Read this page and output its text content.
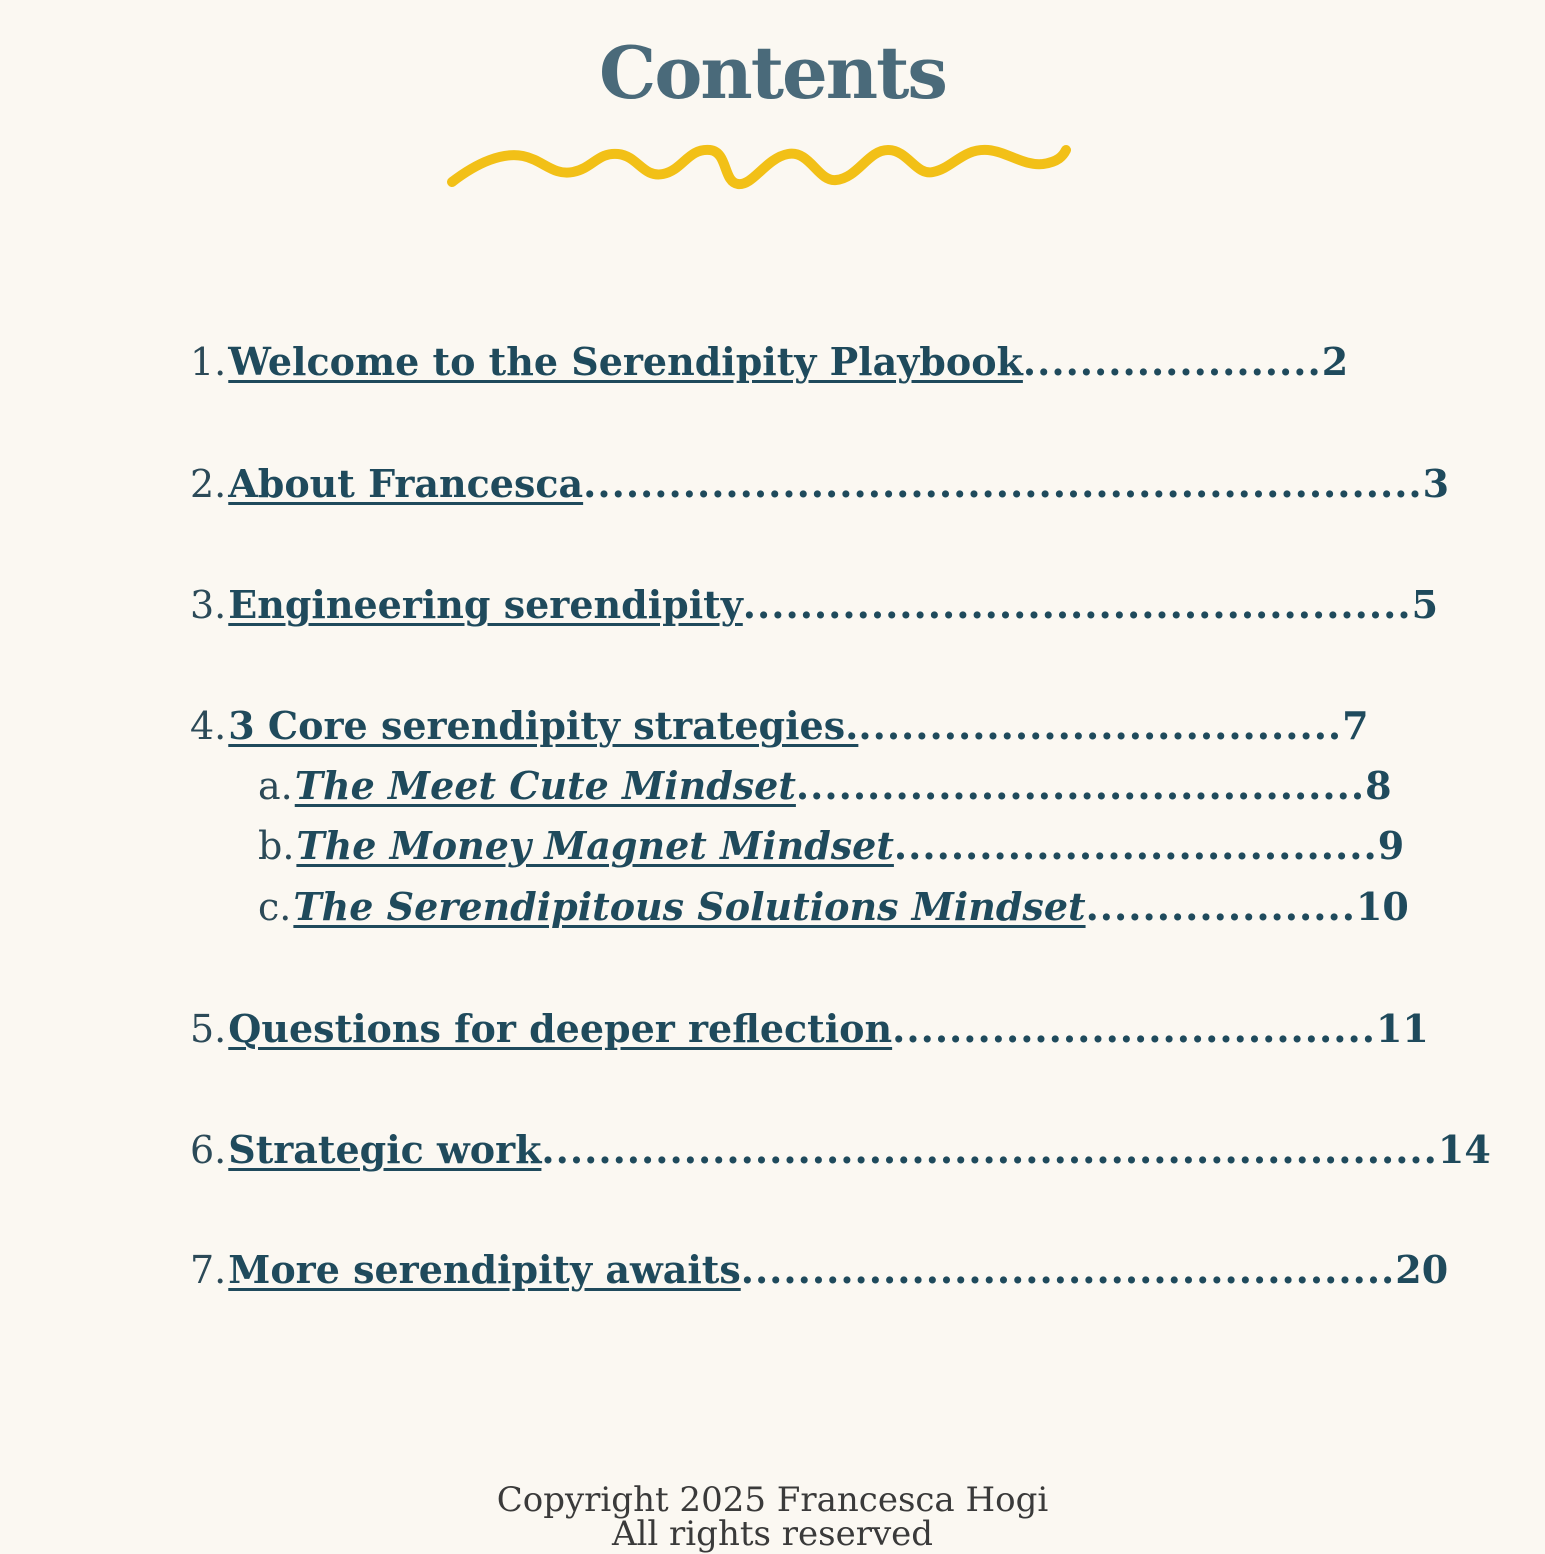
Contents
1. Welcome to the Serendipity Playbook ..................... 2
2. About Francesca ........................................................... 3
3. Engineering serendipity ............................................... 5
4. 3 Core serendipity strategies. .................................. 7
a. The Meet Cute Mindset ........................................ 8
b. The Money Magnet Mindset .................................. 9
c. The Serendipitous Solutions Mindset ................... 10
5. Questions for deeper reflection .................................. 11
6. Strategic work ............................................................... 14
7. More serendipity awaits .............................................. 20
Copyright 2025 Francesca Hogi
All rights reserved
